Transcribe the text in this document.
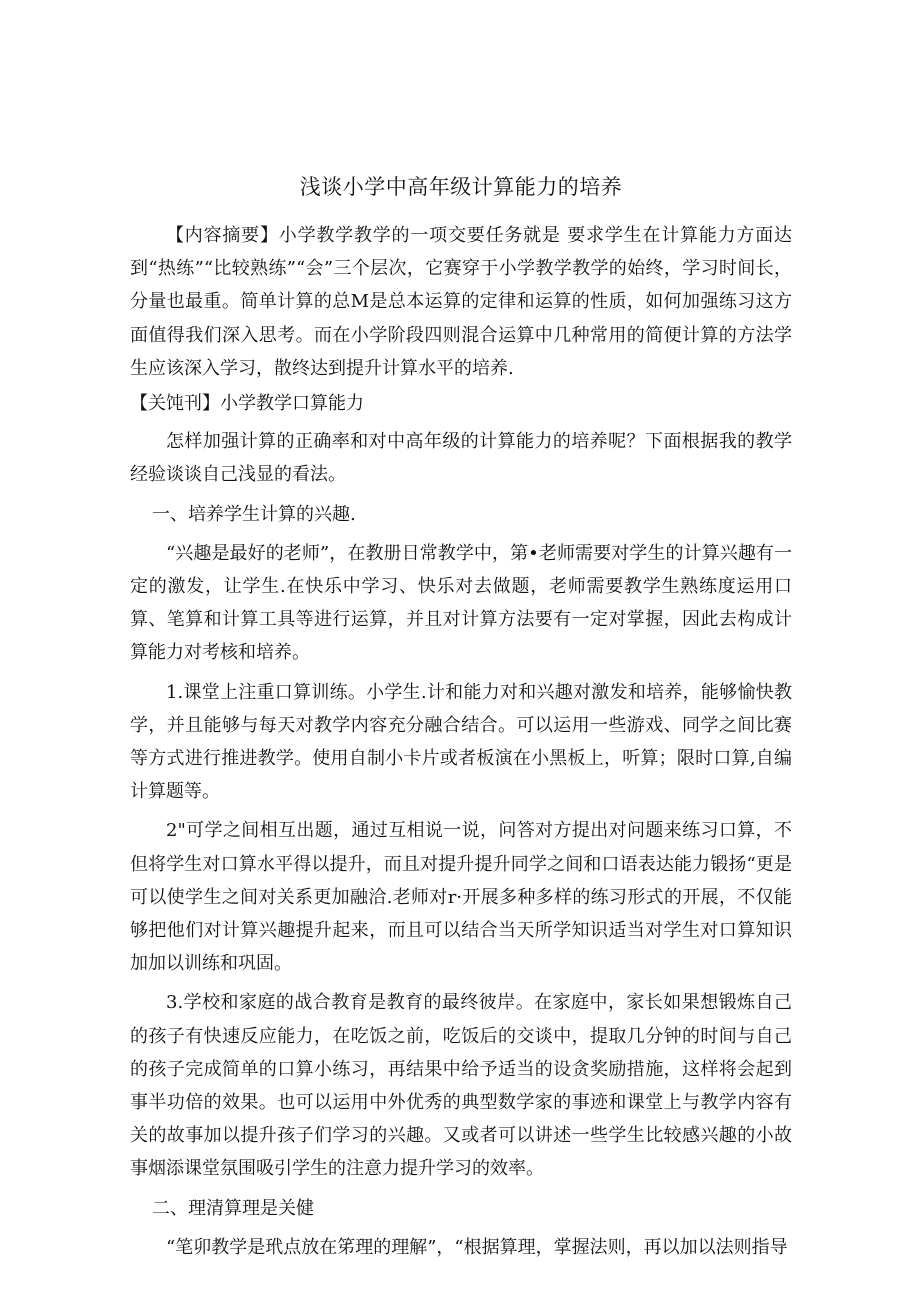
浅谈小学中高年级计算能力的培养

【内容摘要】小学教学教学的一项交要任务就是 要求学生在计算能力方面达到“热练”“比较熟练”“会”三个层次，它赛穿于小学教学教学的始终，学习时间长，分量也最重。简单计算的总M是总本运算的定律和运算的性质，如何加强练习这方面值得我们深入思考。而在小学阶段四则混合运算中几种常用的简便计算的方法学生应该深入学习，散终达到提升计算水平的培养.

【关饨刊】小学教学口算能力

怎样加强计算的正确率和对中高年级的计算能力的培养呢？下面根据我的教学经验谈谈自己浅显的看法。

一、培养学生计算的兴趣.

“兴趣是最好的老师”，在教册日常教学中，第•老师需要对学生的计算兴趣有一定的激发，让学生.在快乐中学习、快乐对去做题，老师需要教学生熟练度运用口算、笔算和计算工具等进行运算，并且对计算方法要有一定对掌握，因此去构成计算能力对考核和培养。

1.课堂上注重口算训练。小学生.计和能力对和兴趣对激发和培养，能够愉快教学，并且能够与每天对教学内容充分融合结合。可以运用一些游戏、同学之间比赛等方式进行推进教学。使用自制小卡片或者板演在小黑板上，听算；限时口算,自编计算题等。

2"可学之间相互出题，通过互相说一说，问答对方提出对问题来练习口算，不但将学生对口算水平得以提升，而且对提升提升同学之间和口语表达能力锻扬“更是可以使学生之间对关系更加融洽.老师对r·开展多种多样的练习形式的开展，不仅能够把他们对计算兴趣提升起来，而且可以结合当天所学知识适当对学生对口算知识加加以训练和巩固。

3.学校和家庭的战合教育是教育的最终彼岸。在家庭中，家长如果想锻炼自己的孩子有快速反应能力，在吃饭之前，吃饭后的交谈中，提取几分钟的时间与自己的孩子完成简单的口算小练习，再结果中给予适当的设贪奖励措施，这样将会起到事半功倍的效果。也可以运用中外优秀的典型数学家的事迹和课堂上与教学内容有关的故事加以提升孩子们学习的兴趣。又或者可以讲述一些学生比较感兴趣的小故事烟添课堂氛围吸引学生的注意力提升学习的效率。

二、理清算理是关健

“笔卯教学是玳点放在笫理的理解”，“根据算理，掌握法则，再以加以法则指导
